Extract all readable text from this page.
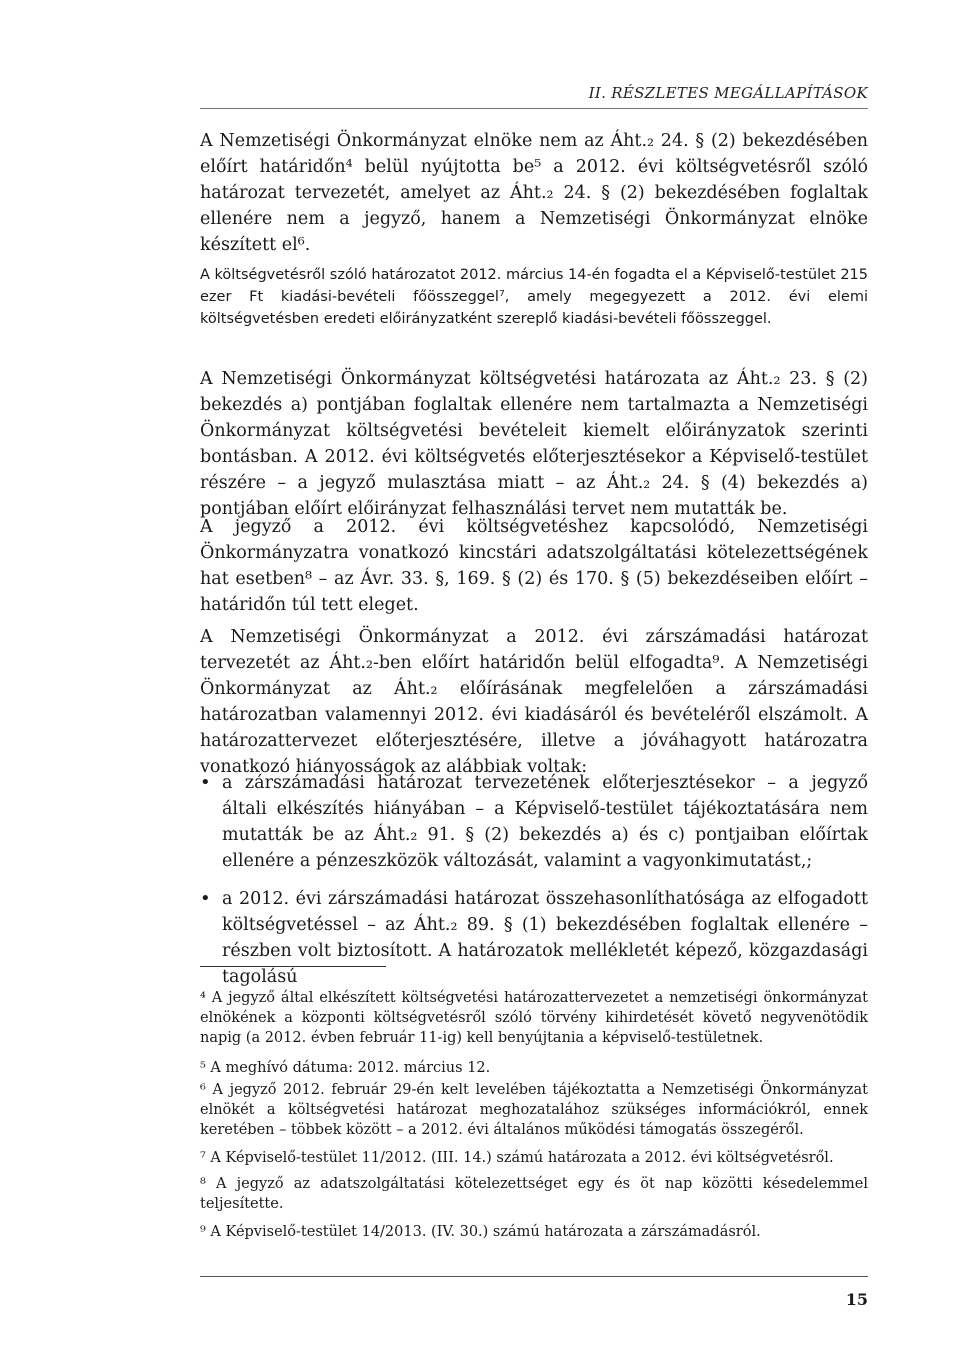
II. RÉSZLETES MEGÁLLAPÍTÁSOK

A Nemzetiségi Önkormányzat elnöke nem az Áht.₂ 24. § (2) bekezdésében előírt határidőn⁴ belül nyújtotta be⁵ a 2012. évi költségvetésről szóló határozat tervezetét, amelyet az Áht.₂ 24. § (2) bekezdésében foglaltak ellenére nem a jegyző, hanem a Nemzetiségi Önkormányzat elnöke készített el⁶.

A költségvetésről szóló határozatot 2012. március 14-én fogadta el a Képviselő-testület 215 ezer Ft kiadási-bevételi főösszeggel⁷, amely megegyezett a 2012. évi elemi költségvetésben eredeti előirányzatként szereplő kiadási-bevételi főösszeggel.

A Nemzetiségi Önkormányzat költségvetési határozata az Áht.₂ 23. § (2) bekezdés a) pontjában foglaltak ellenére nem tartalmazta a Nemzetiségi Önkormányzat költségvetési bevételeit kiemelt előirányzatok szerinti bontásban. A 2012. évi költségvetés előterjesztésekor a Képviselő-testület részére – a jegyző mulasztása miatt – az Áht.₂ 24. § (4) bekezdés a) pontjában előírt előirányzat felhasználási tervet nem mutatták be.

A jegyző a 2012. évi költségvetéshez kapcsolódó, Nemzetiségi Önkormányzatra vonatkozó kincstári adatszolgáltatási kötelezettségének hat esetben⁸ – az Ávr. 33. §, 169. § (2) és 170. § (5) bekezdéseiben előírt – határidőn túl tett eleget.

A Nemzetiségi Önkormányzat a 2012. évi zárszámadási határozat tervezetét az Áht.₂-ben előírt határidőn belül elfogadta⁹. A Nemzetiségi Önkormányzat az Áht.₂ előírásának megfelelően a zárszámadási határozatban valamennyi 2012. évi kiadásáról és bevételéről elszámolt. A határozattervezet előterjesztésére, illetve a jóváhagyott határozatra vonatkozó hiányosságok az alábbiak voltak:

• a zárszámadási határozat tervezetének előterjesztésekor – a jegyző általi elkészítés hiányában – a Képviselő-testület tájékoztatására nem mutatták be az Áht.₂ 91. § (2) bekezdés a) és c) pontjaiban előírtak ellenére a pénzeszközök változását, valamint a vagyonkimutatást,;
• a 2012. évi zárszámadási határozat összehasonlíthatósága az elfogadott költségvetéssel – az Áht.₂ 89. § (1) bekezdésében foglaltak ellenére – részben volt biztosított. A határozatok mellékletét képező, közgazdasági tagolású

⁴ A jegyző által elkészített költségvetési határozattervezetet a nemzetiségi önkormányzat elnökének a központi költségvetésről szóló törvény kihirdetését követő negyvenötödik napig (a 2012. évben február 11-ig) kell benyújtania a képviselő-testületnek.

⁵ A meghívó dátuma: 2012. március 12.

⁶ A jegyző 2012. február 29-én kelt levelében tájékoztatta a Nemzetiségi Önkormányzat elnökét a költségvetési határozat meghozatalához szükséges információkról, ennek keretében – többek között – a 2012. évi általános működési támogatás összegéről.

⁷ A Képviselő-testület 11/2012. (III. 14.) számú határozata a 2012. évi költségvetésről.

⁸ A jegyző az adatszolgáltatási kötelezettséget egy és öt nap közötti késedelemmel teljesítette.

⁹ A Képviselő-testület 14/2013. (IV. 30.) számú határozata a zárszámadásról.

15
